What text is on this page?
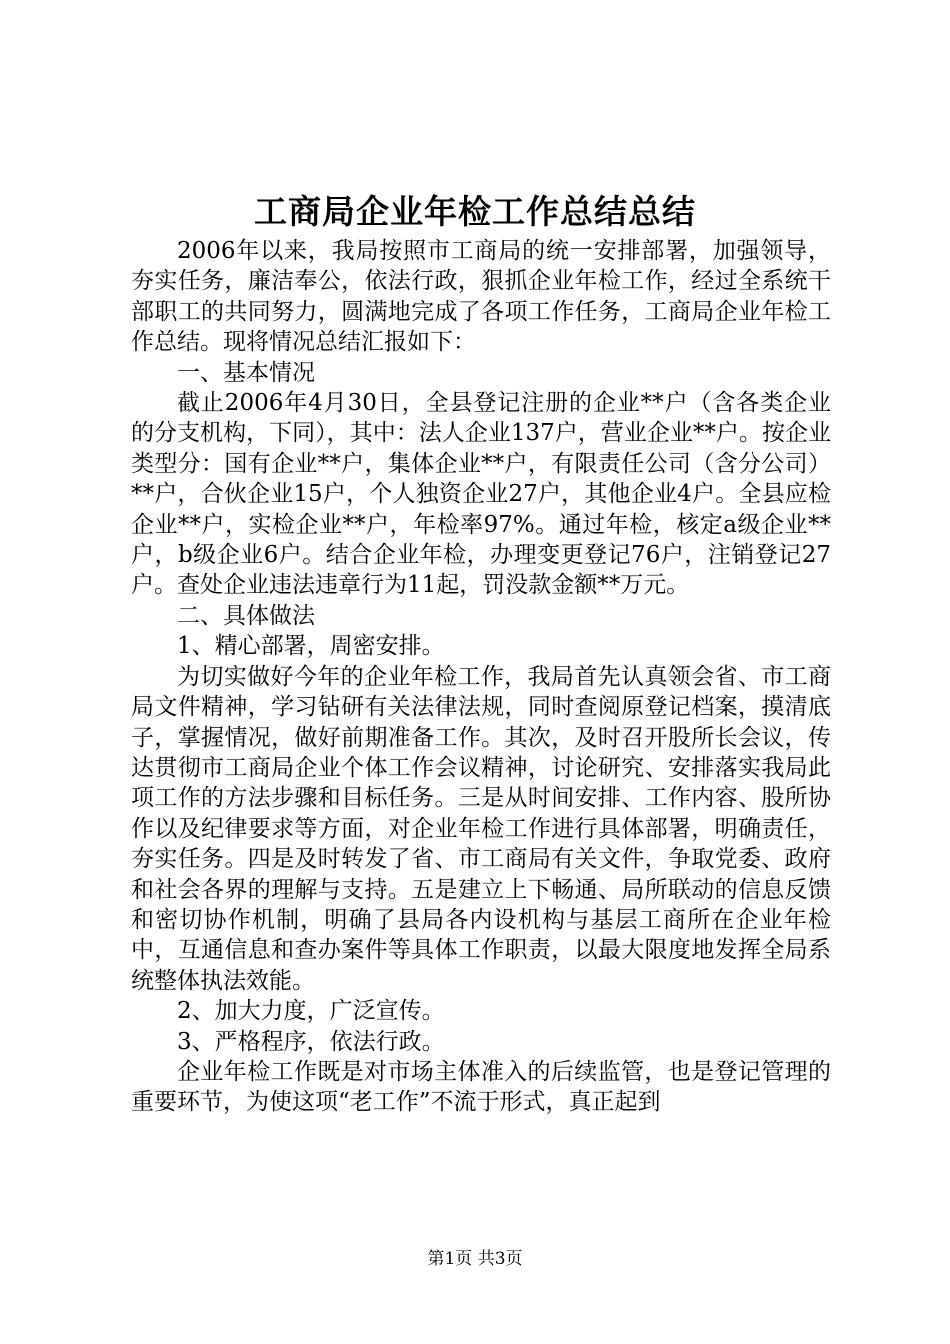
工商局企业年检工作总结总结

2006年以来，我局按照市工商局的统一安排部署，加强领导，夯实任务，廉洁奉公，依法行政，狠抓企业年检工作，经过全系统干部职工的共同努力，圆满地完成了各项工作任务，工商局企业年检工作总结。现将情况总结汇报如下：

一、基本情况

截止2006年4月30日，全县登记注册的企业**户（含各类企业的分支机构，下同），其中：法人企业137户，营业企业**户。按企业类型分：国有企业**户，集体企业**户，有限责任公司（含分公司）**户，合伙企业15户，个人独资企业27户，其他企业4户。全县应检企业**户，实检企业**户，年检率97%。通过年检，核定a级企业**户，b级企业6户。结合企业年检，办理变更登记76户，注销登记27户。查处企业违法违章行为11起，罚没款金额**万元。

二、具体做法

1、精心部署，周密安排。

为切实做好今年的企业年检工作，我局首先认真领会省、市工商局文件精神，学习钻研有关法律法规，同时查阅原登记档案，摸清底子，掌握情况，做好前期准备工作。其次，及时召开股所长会议，传达贯彻市工商局企业个体工作会议精神，讨论研究、安排落实我局此项工作的方法步骤和目标任务。三是从时间安排、工作内容、股所协作以及纪律要求等方面，对企业年检工作进行具体部署，明确责任，夯实任务。四是及时转发了省、市工商局有关文件，争取党委、政府和社会各界的理解与支持。五是建立上下畅通、局所联动的信息反馈和密切协作机制，明确了县局各内设机构与基层工商所在企业年检中，互通信息和查办案件等具体工作职责，以最大限度地发挥全局系统整体执法效能。

2、加大力度，广泛宣传。

3、严格程序，依法行政。

企业年检工作既是对市场主体准入的后续监管，也是登记管理的重要环节，为使这项“老工作”不流于形式，真正起到

第1页 共3页
